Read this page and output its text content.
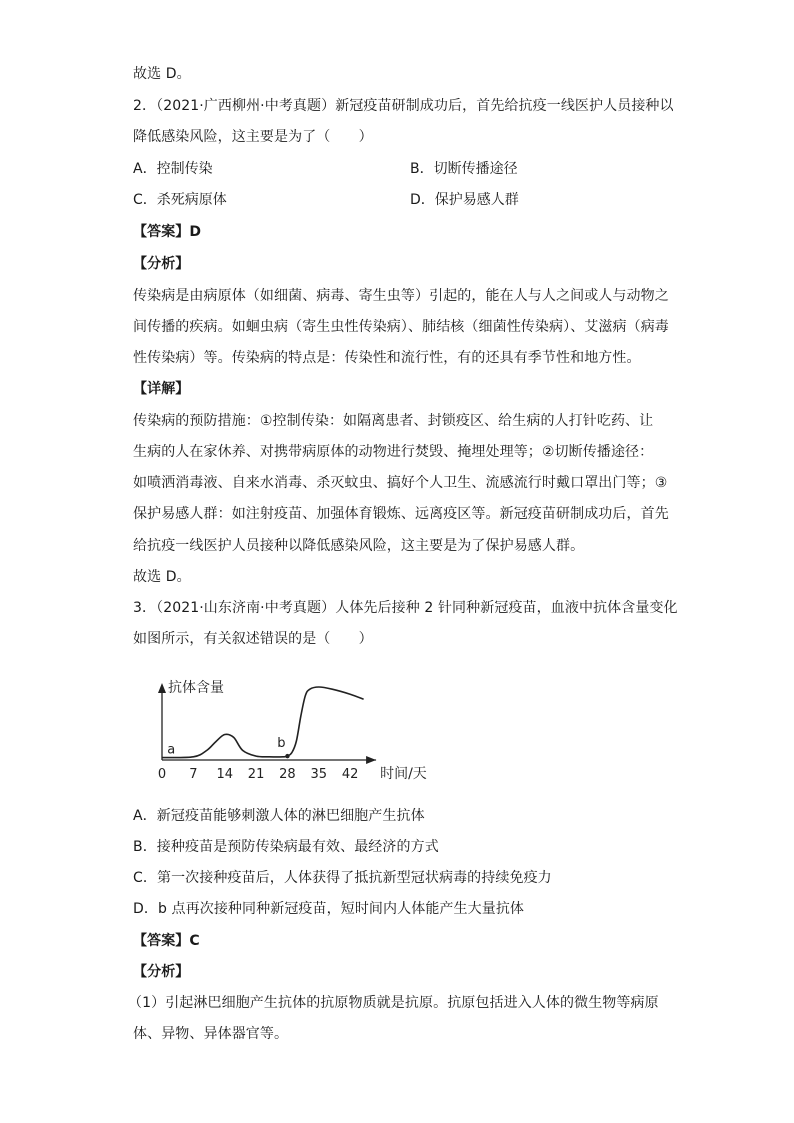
故选 D。
2．（2021·广西柳州·中考真题）新冠疫苗研制成功后，首先给抗疫一线医护人员接种以
降低感染风险，这主要是为了（　　）
A．控制传染	B．切断传播途径
C．杀死病原体	D．保护易感人群
【答案】D
【分析】
传染病是由病原体（如细菌、病毒、寄生虫等）引起的，能在人与人之间或人与动物之
间传播的疾病。如蛔虫病（寄生虫性传染病）、肺结核（细菌性传染病）、艾滋病（病毒
性传染病）等。传染病的特点是：传染性和流行性，有的还具有季节性和地方性。
【详解】
传染病的预防措施：①控制传染：如隔离患者、封锁疫区、给生病的人打针吃药、让
生病的人在家休养、对携带病原体的动物进行焚毁、掩埋处理等；②切断传播途径：
如喷洒消毒液、自来水消毒、杀灭蚊虫、搞好个人卫生、流感流行时戴口罩出门等；③
保护易感人群：如注射疫苗、加强体育锻炼、远离疫区等。新冠疫苗研制成功后，首先
给抗疫一线医护人员接种以降低感染风险，这主要是为了保护易感人群。
故选 D。
3．（2021·山东济南·中考真题）人体先后接种 2 针同种新冠疫苗，血液中抗体含量变化
如图所示，有关叙述错误的是（　　）
抗体含量
时间/天
0 7 14 21 28 35 42
a	b
A．新冠疫苗能够刺激人体的淋巴细胞产生抗体
B．接种疫苗是预防传染病最有效、最经济的方式
C．第一次接种疫苗后，人体获得了抵抗新型冠状病毒的持续免疫力
D．b 点再次接种同种新冠疫苗，短时间内人体能产生大量抗体
【答案】C
【分析】
（1）引起淋巴细胞产生抗体的抗原物质就是抗原。抗原包括进入人体的微生物等病原
体、异物、异体器官等。
